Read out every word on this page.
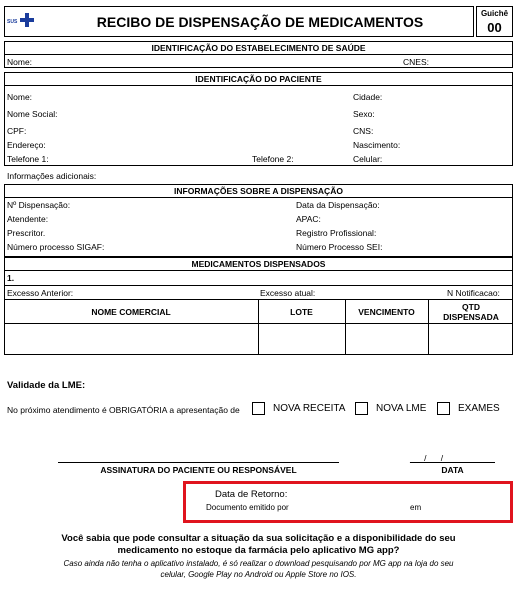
SUS	RECIBO DE DISPENSAÇÃO DE MEDICAMENTOS
Guichê
00
IDENTIFICAÇÃO DO ESTABELECIMENTO DE SAÚDE
Nome:	CNES:
IDENTIFICAÇÃO DO PACIENTE
Nome:	Cidade:
Nome Social:	Sexo:
CPF:	CNS:
Endereço:	Nascimento:
Telefone 1:	Telefone 2:	Celular:
Informações adicionais:
INFORMAÇÕES SOBRE A DISPENSAÇÃO
Nº Dispensação:	Data da Dispensação:
Atendente:	APAC:
Prescritor.	Registro Profissional:
Número processo SIGAF:	Número Processo SEI:
MEDICAMENTOS DISPENSADOS
1.
Excesso Anterior:	Excesso atual:	N Notificacao:
NOME COMERCIAL	LOTE	VENCIMENTO	QTD DISPENSADA
Validade da LME:
No próximo atendimento é OBRIGATÓRIA a apresentação de	NOVA RECEITA	NOVA LME	EXAMES
ASSINATURA DO PACIENTE OU RESPONSÁVEL
___/___/_____
DATA
Data de Retorno:
Documento emitido por	em
Você sabia que pode consultar a situação da sua solicitação e a disponibilidade do seu
medicamento no estoque da farmácia pelo aplicativo MG app?
Caso ainda não tenha o aplicativo instalado, é só realizar o download pesquisando por MG app na loja do seu
celular, Google Play no Android ou Apple Store no IOS.
